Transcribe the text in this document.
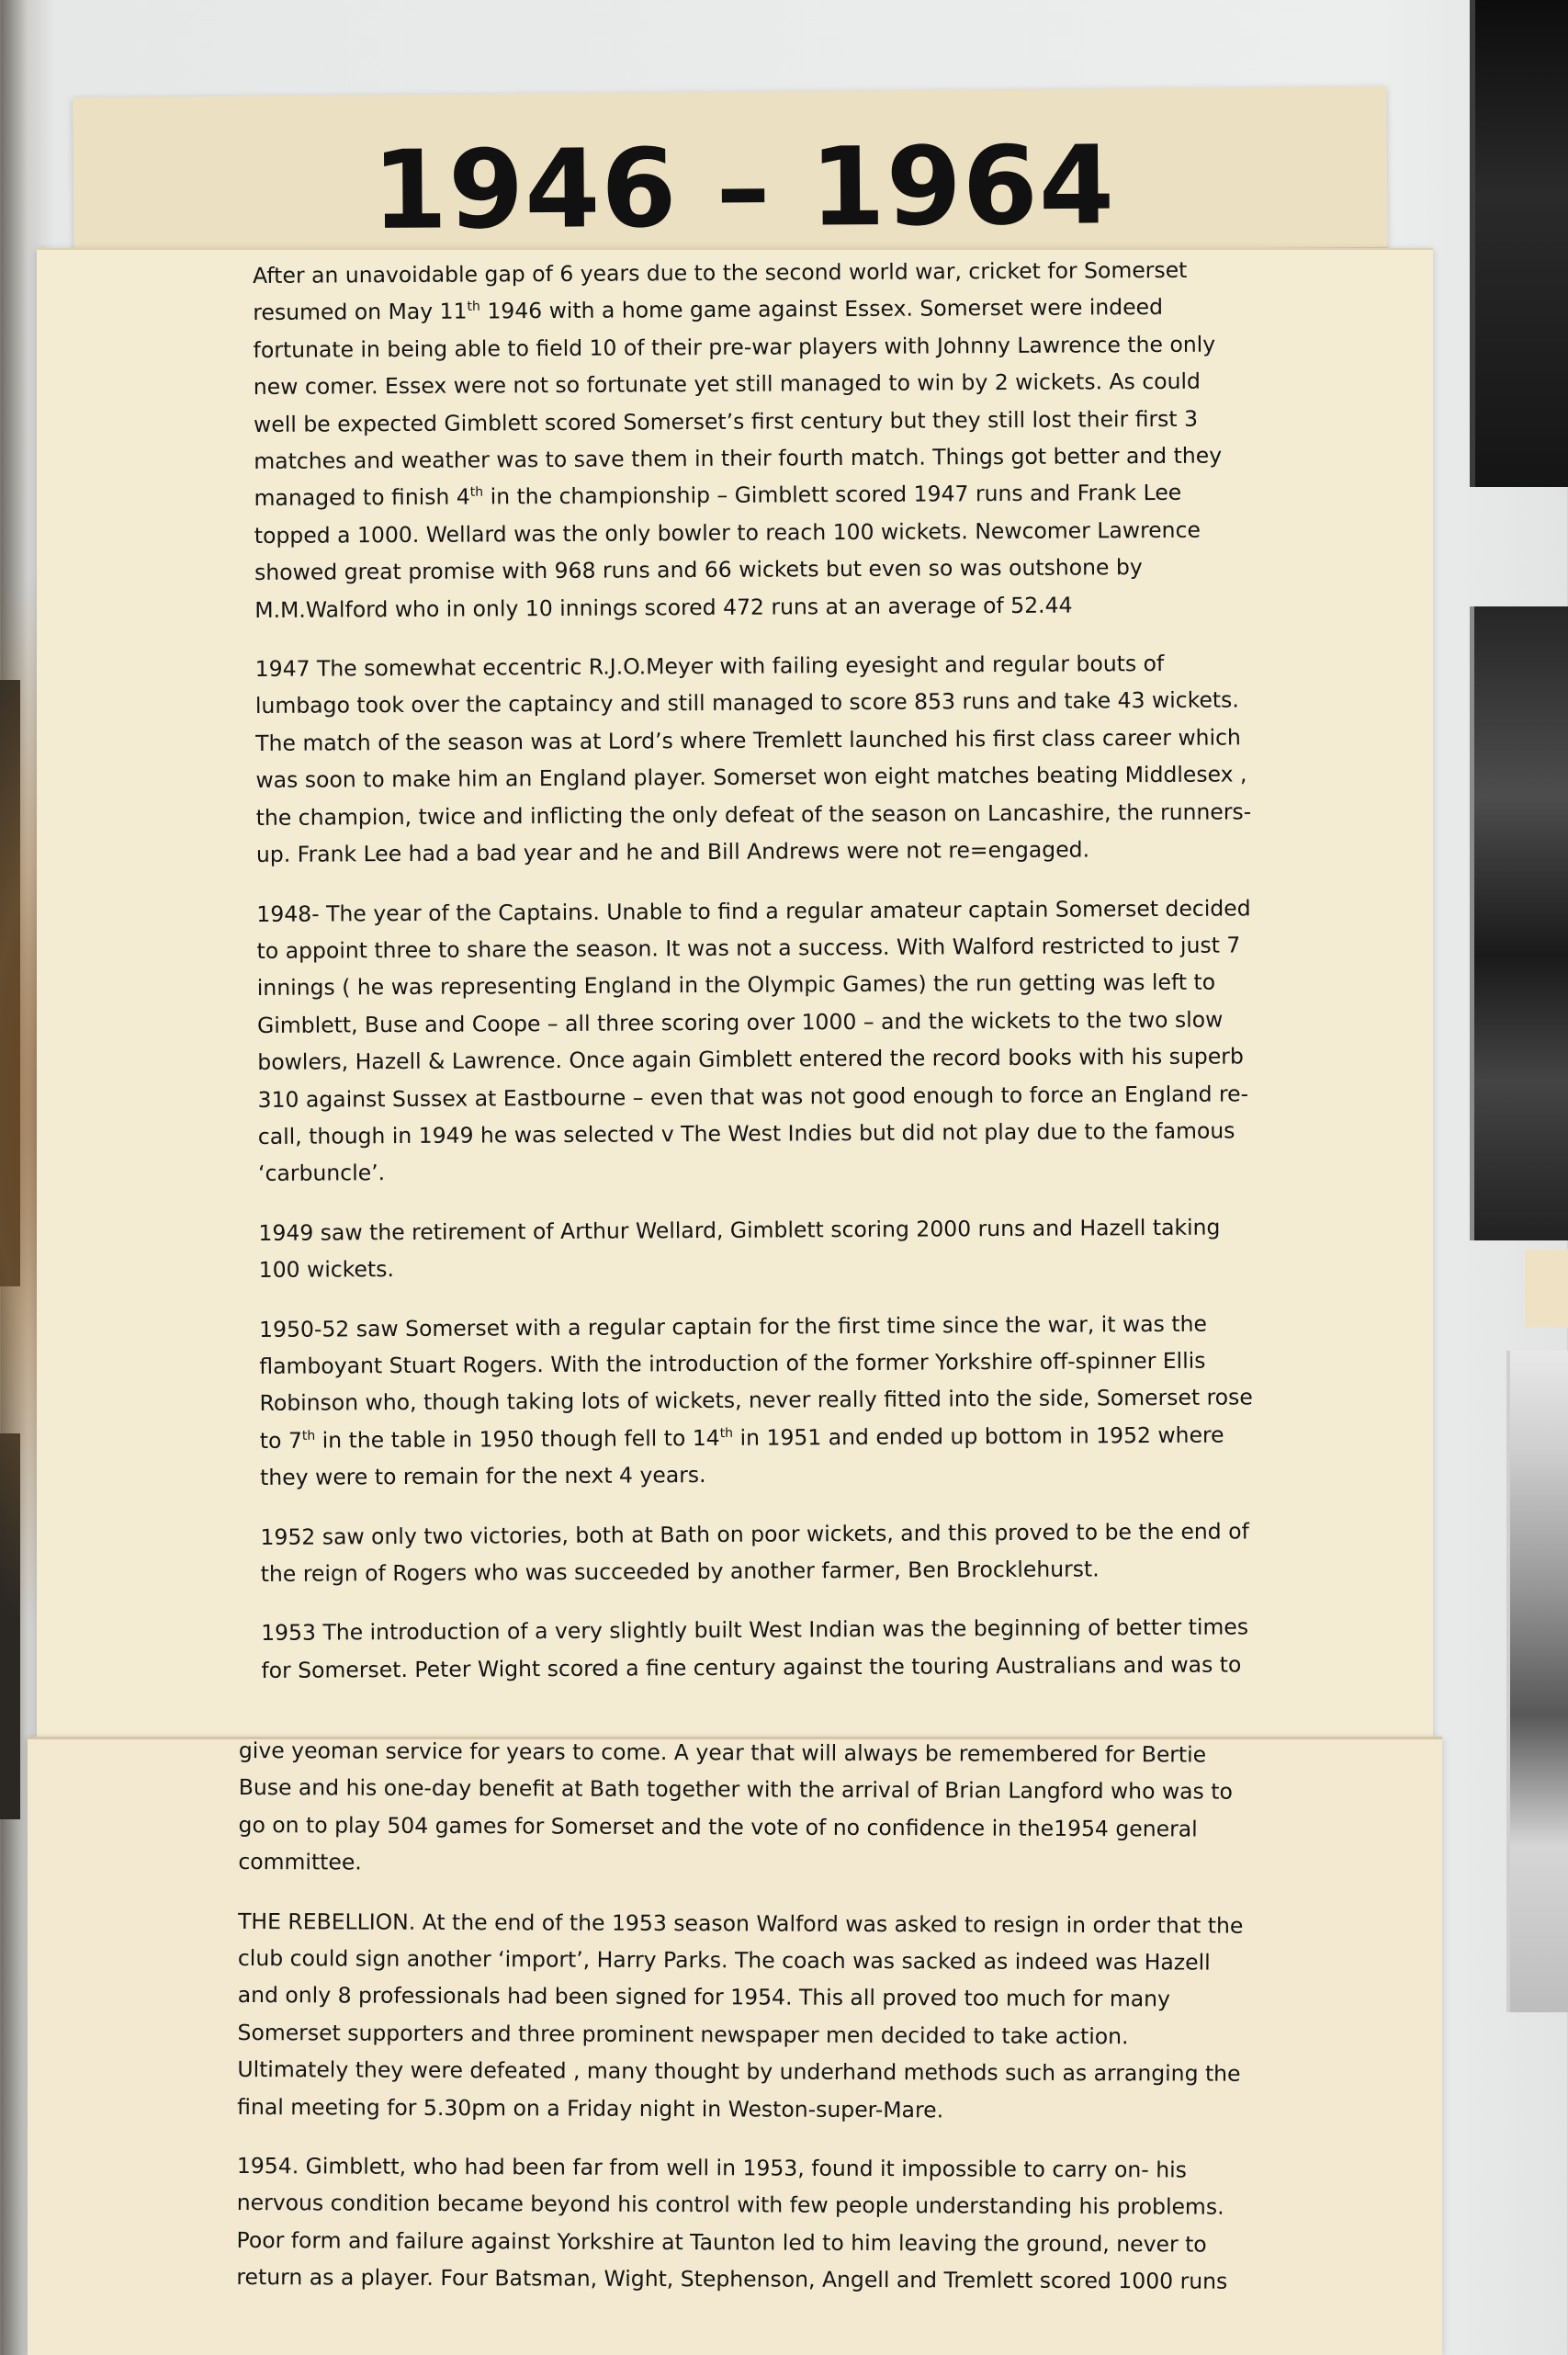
1946 – 1964

After an unavoidable gap of 6 years due to the second world war, cricket for Somerset
resumed on May 11th 1946 with a home game against Essex. Somerset were indeed
fortunate in being able to field 10 of their pre-war players with Johnny Lawrence the only
new comer. Essex were not so fortunate yet still managed to win by 2 wickets. As could
well be expected Gimblett scored Somerset’s first century but they still lost their first 3
matches and weather was to save them in their fourth match. Things got better and they
managed to finish 4th in the championship – Gimblett scored 1947 runs and Frank Lee
topped a 1000. Wellard was the only bowler to reach 100 wickets. Newcomer Lawrence
showed great promise with 968 runs and 66 wickets but even so was outshone by
M.M.Walford who in only 10 innings scored 472 runs at an average of 52.44

1947 The somewhat eccentric R.J.O.Meyer with failing eyesight and regular bouts of
lumbago took over the captaincy and still managed to score 853 runs and take 43 wickets.
The match of the season was at Lord’s where Tremlett launched his first class career which
was soon to make him an England player. Somerset won eight matches beating Middlesex ,
the champion, twice and inflicting the only defeat of the season on Lancashire, the runners-
up. Frank Lee had a bad year and he and Bill Andrews were not re=engaged.

1948- The year of the Captains. Unable to find a regular amateur captain Somerset decided
to appoint three to share the season. It was not a success. With Walford restricted to just 7
innings ( he was representing England in the Olympic Games) the run getting was left to
Gimblett, Buse and Coope – all three scoring over 1000 – and the wickets to the two slow
bowlers, Hazell & Lawrence. Once again Gimblett entered the record books with his superb
310 against Sussex at Eastbourne – even that was not good enough to force an England re-
call, though in 1949 he was selected v The West Indies but did not play due to the famous
‘carbuncle’.

1949 saw the retirement of Arthur Wellard, Gimblett scoring 2000 runs and Hazell taking
100 wickets.

1950-52 saw Somerset with a regular captain for the first time since the war, it was the
flamboyant Stuart Rogers. With the introduction of the former Yorkshire off-spinner Ellis
Robinson who, though taking lots of wickets, never really fitted into the side, Somerset rose
to 7th in the table in 1950 though fell to 14th in 1951 and ended up bottom in 1952 where
they were to remain for the next 4 years.

1952 saw only two victories, both at Bath on poor wickets, and this proved to be the end of
the reign of Rogers who was succeeded by another farmer, Ben Brocklehurst.

1953 The introduction of a very slightly built West Indian was the beginning of better times
for Somerset. Peter Wight scored a fine century against the touring Australians and was to

give yeoman service for years to come. A year that will always be remembered for Bertie
Buse and his one-day benefit at Bath together with the arrival of Brian Langford who was to
go on to play 504 games for Somerset and the vote of no confidence in the1954 general
committee.

THE REBELLION. At the end of the 1953 season Walford was asked to resign in order that the
club could sign another ‘import’, Harry Parks. The coach was sacked as indeed was Hazell
and only 8 professionals had been signed for 1954. This all proved too much for many
Somerset supporters and three prominent newspaper men decided to take action.
Ultimately they were defeated , many thought by underhand methods such as arranging the
final meeting for 5.30pm on a Friday night in Weston-super-Mare.

1954. Gimblett, who had been far from well in 1953, found it impossible to carry on- his
nervous condition became beyond his control with few people understanding his problems.
Poor form and failure against Yorkshire at Taunton led to him leaving the ground, never to
return as a player. Four Batsman, Wight, Stephenson, Angell and Tremlett scored 1000 runs
